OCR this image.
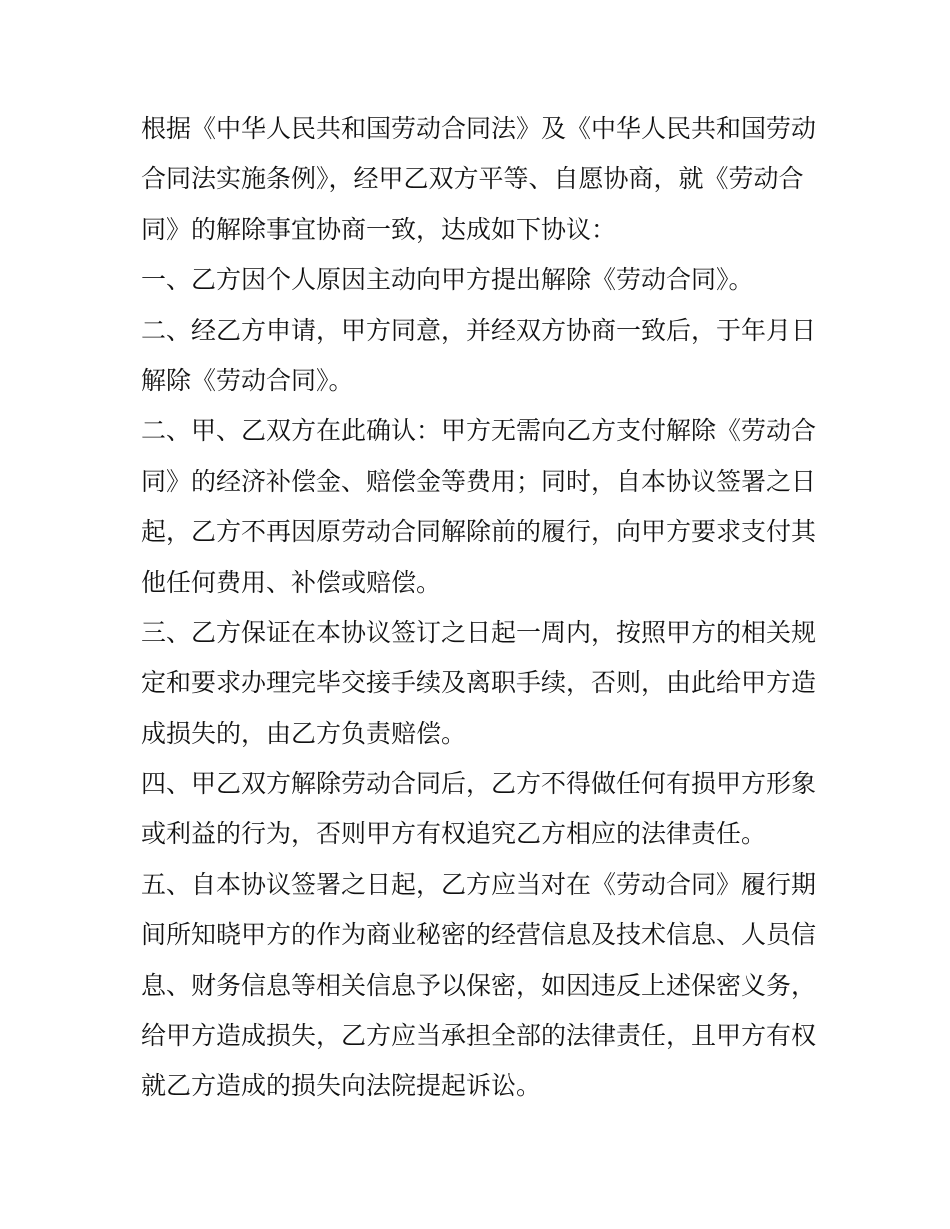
根据《中华人民共和国劳动合同法》及《中华人民共和国劳动
合同法实施条例》，经甲乙双方平等、自愿协商，就《劳动合
同》的解除事宜协商一致，达成如下协议：
一、乙方因个人原因主动向甲方提出解除《劳动合同》。
二、经乙方申请，甲方同意，并经双方协商一致后，于年月日
解除《劳动合同》。
二、甲、乙双方在此确认：甲方无需向乙方支付解除《劳动合
同》的经济补偿金、赔偿金等费用；同时，自本协议签署之日
起，乙方不再因原劳动合同解除前的履行，向甲方要求支付其
他任何费用、补偿或赔偿。
三、乙方保证在本协议签订之日起一周内，按照甲方的相关规
定和要求办理完毕交接手续及离职手续，否则，由此给甲方造
成损失的，由乙方负责赔偿。
四、甲乙双方解除劳动合同后，乙方不得做任何有损甲方形象
或利益的行为，否则甲方有权追究乙方相应的法律责任。
五、自本协议签署之日起，乙方应当对在《劳动合同》履行期
间所知晓甲方的作为商业秘密的经营信息及技术信息、人员信
息、财务信息等相关信息予以保密，如因违反上述保密义务，
给甲方造成损失，乙方应当承担全部的法律责任，且甲方有权
就乙方造成的损失向法院提起诉讼。
